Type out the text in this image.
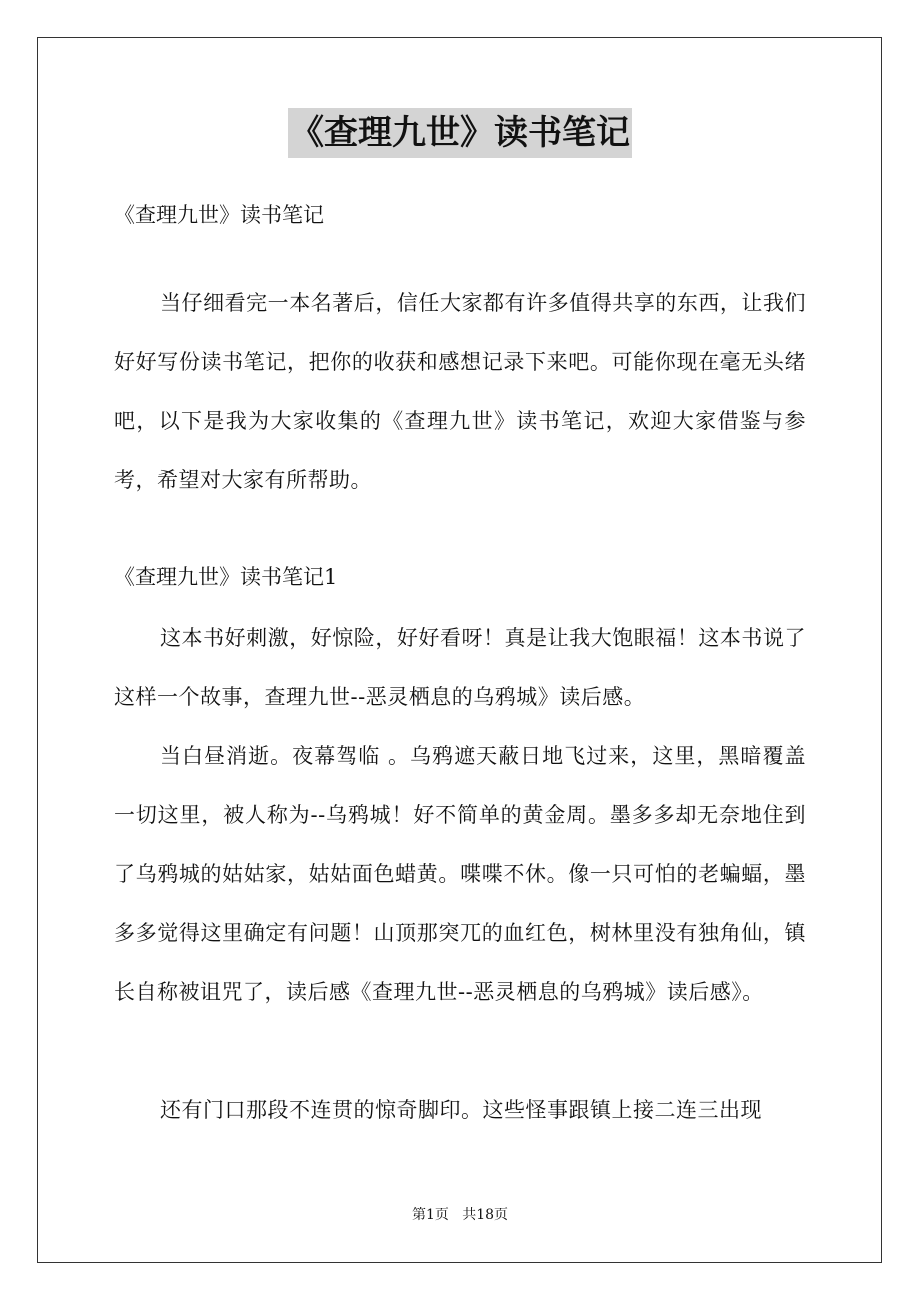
《查理九世》读书笔记
《查理九世》读书笔记
当仔细看完一本名著后，信任大家都有许多值得共享的东西，让我们好好写份读书笔记，把你的收获和感想记录下来吧。可能你现在毫无头绪吧，以下是我为大家收集的《查理九世》读书笔记，欢迎大家借鉴与参考，希望对大家有所帮助。
《查理九世》读书笔记1
这本书好刺激，好惊险，好好看呀！真是让我大饱眼福！这本书说了这样一个故事，查理九世--恶灵栖息的乌鸦城》读后感。
当白昼消逝。夜幕驾临 。乌鸦遮天蔽日地飞过来，这里，黑暗覆盖一切这里，被人称为--乌鸦城！好不简单的黄金周。墨多多却无奈地住到了乌鸦城的姑姑家，姑姑面色蜡黄。喋喋不休。像一只可怕的老蝙蝠，墨多多觉得这里确定有问题！山顶那突兀的血红色，树林里没有独角仙，镇长自称被诅咒了，读后感《查理九世--恶灵栖息的乌鸦城》读后感》。
还有门口那段不连贯的惊奇脚印。这些怪事跟镇上接二连三出现
第1页   共18页
